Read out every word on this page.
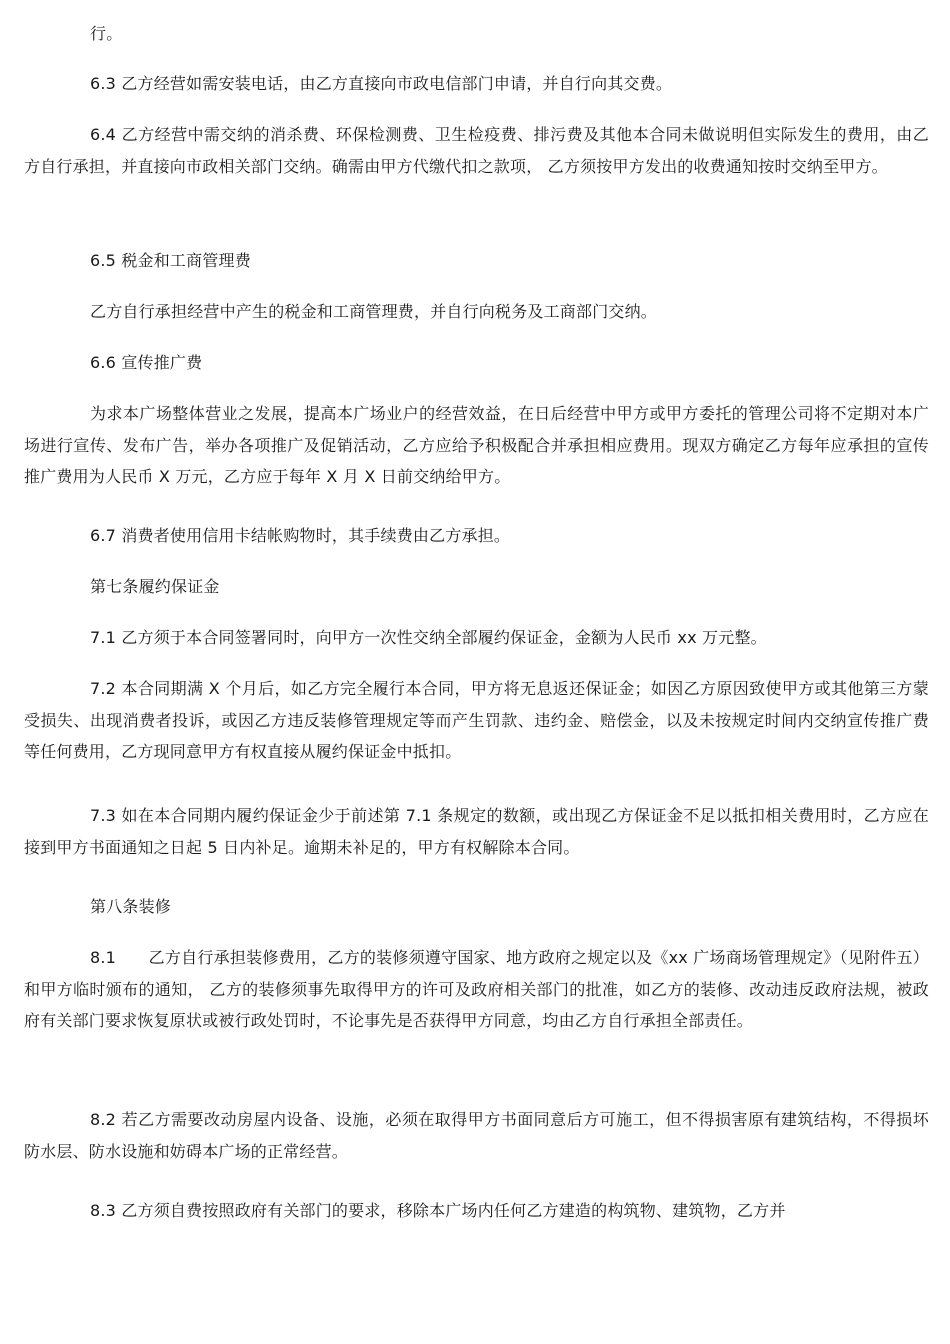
行。

6.3 乙方经营如需安装电话，由乙方直接向市政电信部门申请，并自行向其交费。

6.4 乙方经营中需交纳的消杀费、环保检测费、卫生检疫费、排污费及其他本合同未做说明但实际发生的费用，由乙方自行承担，并直接向市政相关部门交纳。确需由甲方代缴代扣之款项， 乙方须按甲方发出的收费通知按时交纳至甲方。

6.5 税金和工商管理费

乙方自行承担经营中产生的税金和工商管理费，并自行向税务及工商部门交纳。

6.6 宣传推广费

为求本广场整体营业之发展，提高本广场业户的经营效益，在日后经营中甲方或甲方委托的管理公司将不定期对本广场进行宣传、发布广告，举办各项推广及促销活动，乙方应给予积极配合并承担相应费用。现双方确定乙方每年应承担的宣传推广费用为人民币 X 万元，乙方应于每年 X 月 X 日前交纳给甲方。

6.7 消费者使用信用卡结帐购物时，其手续费由乙方承担。

第七条履约保证金

7.1 乙方须于本合同签署同时，向甲方一次性交纳全部履约保证金，金额为人民币 xx 万元整。

7.2 本合同期满 X 个月后，如乙方完全履行本合同，甲方将无息返还保证金；如因乙方原因致使甲方或其他第三方蒙受损失、出现消费者投诉，或因乙方违反装修管理规定等而产生罚款、违约金、赔偿金，以及未按规定时间内交纳宣传推广费等任何费用，乙方现同意甲方有权直接从履约保证金中抵扣。

7.3 如在本合同期内履约保证金少于前述第 7.1 条规定的数额，或出现乙方保证金不足以抵扣相关费用时，乙方应在接到甲方书面通知之日起 5 日内补足。逾期未补足的，甲方有权解除本合同。

第八条装修

8.1　　乙方自行承担装修费用，乙方的装修须遵守国家、地方政府之规定以及《xx 广场商场管理规定》（见附件五）和甲方临时颁布的通知， 乙方的装修须事先取得甲方的许可及政府相关部门的批准，如乙方的装修、改动违反政府法规，被政府有关部门要求恢复原状或被行政处罚时，不论事先是否获得甲方同意，均由乙方自行承担全部责任。

8.2 若乙方需要改动房屋内设备、设施，必须在取得甲方书面同意后方可施工，但不得损害原有建筑结构，不得损坏防水层、防水设施和妨碍本广场的正常经营。

8.3 乙方须自费按照政府有关部门的要求，移除本广场内任何乙方建造的构筑物、建筑物，乙方并
